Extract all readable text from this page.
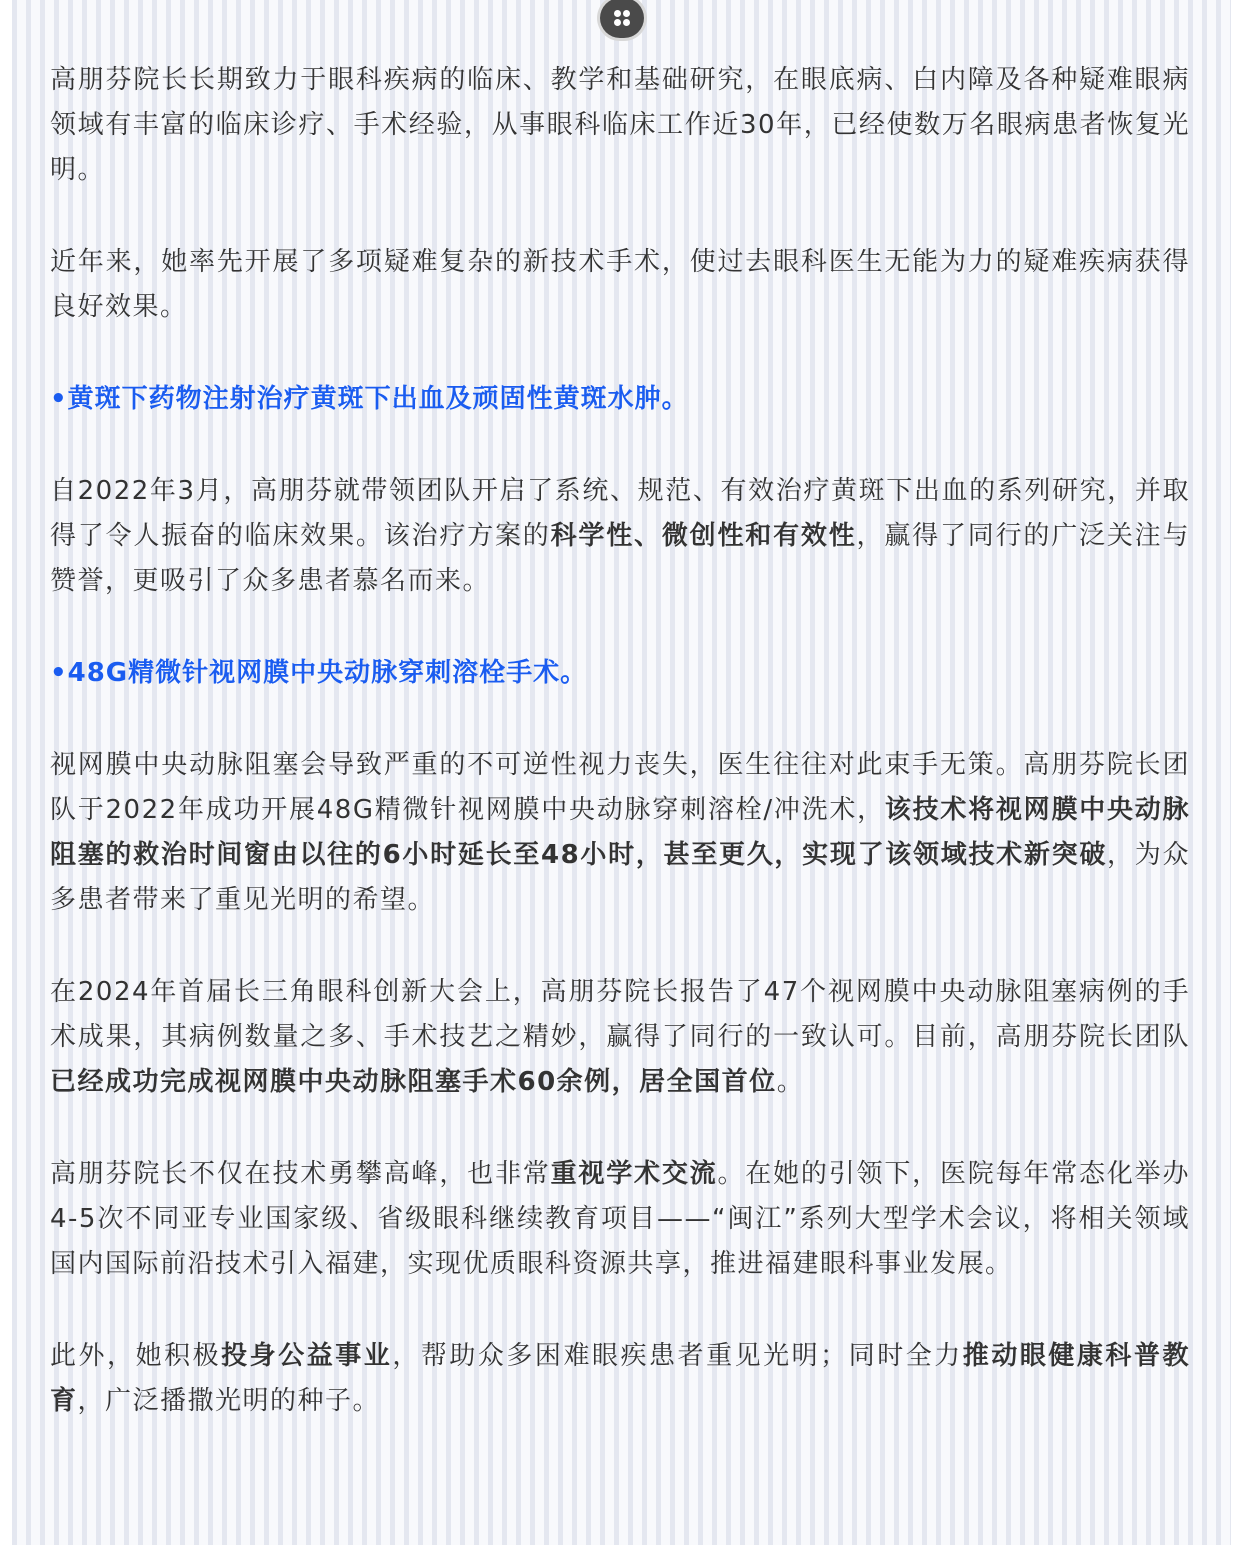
高朋芬院长长期致力于眼科疾病的临床、教学和基础研究，在眼底病、白内障及各种疑难眼病领域有丰富的临床诊疗、手术经验，从事眼科临床工作近30年，已经使数万名眼病患者恢复光明。

近年来，她率先开展了多项疑难复杂的新技术手术，使过去眼科医生无能为力的疑难疾病获得良好效果。

•黄斑下药物注射治疗黄斑下出血及顽固性黄斑水肿。

自2022年3月，高朋芬就带领团队开启了系统、规范、有效治疗黄斑下出血的系列研究，并取得了令人振奋的临床效果。该治疗方案的科学性、微创性和有效性，赢得了同行的广泛关注与赞誉，更吸引了众多患者慕名而来。

•48G精微针视网膜中央动脉穿刺溶栓手术。

视网膜中央动脉阻塞会导致严重的不可逆性视力丧失，医生往往对此束手无策。高朋芬院长团队于2022年成功开展48G精微针视网膜中央动脉穿刺溶栓/冲洗术，该技术将视网膜中央动脉阻塞的救治时间窗由以往的6小时延长至48小时，甚至更久，实现了该领域技术新突破，为众多患者带来了重见光明的希望。

在2024年首届长三角眼科创新大会上，高朋芬院长报告了47个视网膜中央动脉阻塞病例的手术成果，其病例数量之多、手术技艺之精妙，赢得了同行的一致认可。目前，高朋芬院长团队已经成功完成视网膜中央动脉阻塞手术60余例，居全国首位。

高朋芬院长不仅在技术勇攀高峰，也非常重视学术交流。在她的引领下，医院每年常态化举办4-5次不同亚专业国家级、省级眼科继续教育项目——“闽江”系列大型学术会议，将相关领域国内国际前沿技术引入福建，实现优质眼科资源共享，推进福建眼科事业发展。

此外，她积极投身公益事业，帮助众多困难眼疾患者重见光明；同时全力推动眼健康科普教育，广泛播撒光明的种子。
